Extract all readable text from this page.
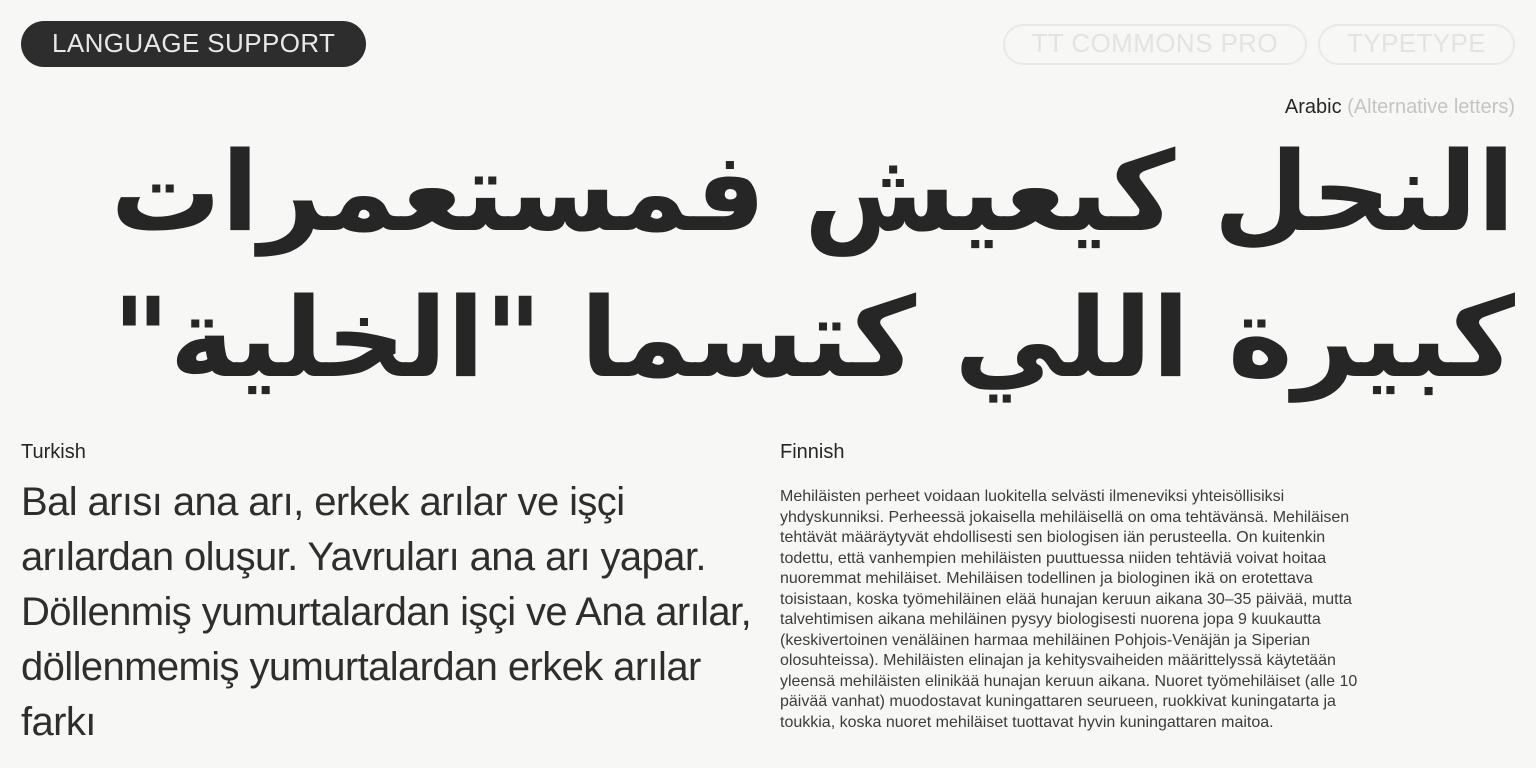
LANGUAGE SUPPORT	TT COMMONS PRO	TYPETYPE
Arabic (Alternative letters)
النحل كيعيش فمستعمرات
كبيرة اللي كتسما "الخلية"
Turkish

Bal arısı ana arı, erkek arılar ve işçi arılardan oluşur. Yavruları ana arı yapar. Döllenmiş yumurtalardan işçi ve Ana arılar, döllenmemiş yumurtalardan erkek arılar farkı

Finnish

Mehiläisten perheet voidaan luokitella selvästi ilmeneviksi yhteisöllisiksi yhdyskunniksi. Perheessä jokaisella mehiläisellä on oma tehtävänsä. Mehiläisen tehtävät määräytyvät ehdollisesti sen biologisen iän perusteella. On kuitenkin todettu, että vanhempien mehiläisten puuttuessa niiden tehtäviä voivat hoitaa nuoremmat mehiläiset. Mehiläisen todellinen ja biologinen ikä on erotettava toisistaan, koska työmehiläinen elää hunajan keruun aikana 30–35 päivää, mutta talvehtimisen aikana mehiläinen pysyy biologisesti nuorena jopa 9 kuukautta (keskivertoinen venäläinen harmaa mehiläinen Pohjois-Venäjän ja Siperian olosuhteissa). Mehiläisten elinajan ja kehitysvaiheiden määrittelyssä käytetään yleensä mehiläisten elinikää hunajan keruun aikana. Nuoret työmehiläiset (alle 10 päivää vanhat) muodostavat kuningattaren seurueen, ruokkivat kuningatarta ja toukkia, koska nuoret mehiläiset tuottavat hyvin kuningattaren maitoa.
